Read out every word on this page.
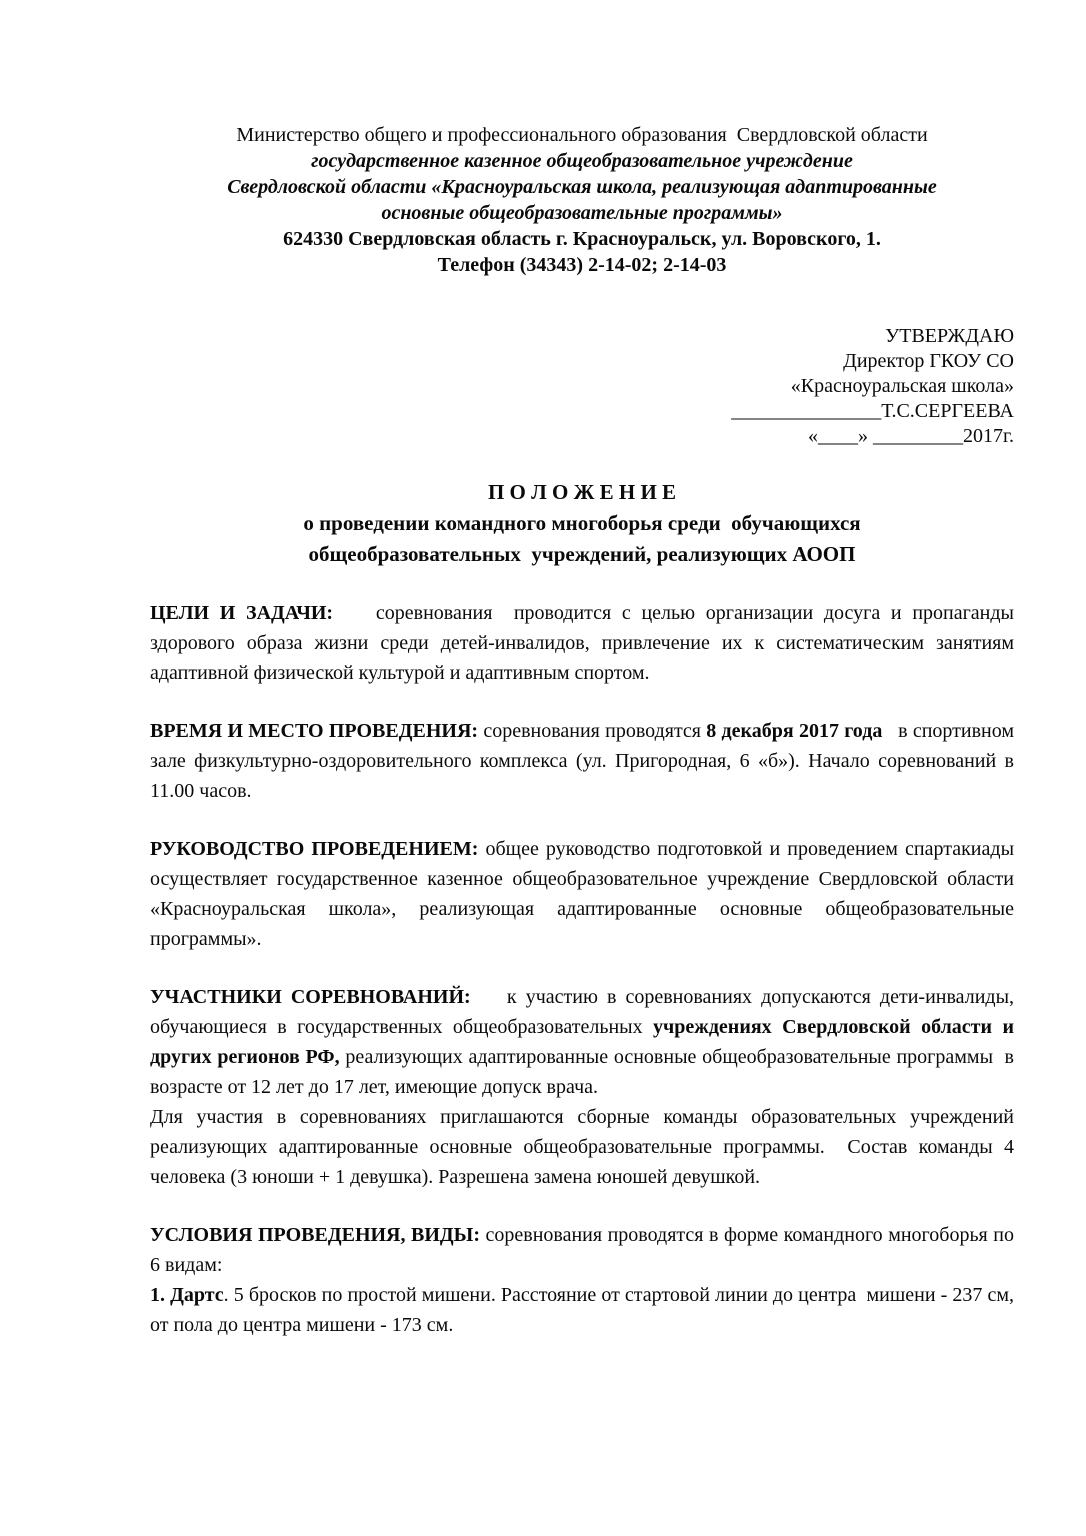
Министерство общего и профессионального образования  Свердловской области
государственное казенное общеобразовательное учреждение
Свердловской области «Красноуральская школа, реализующая адаптированные
основные общеобразовательные программы»
624330 Свердловская область г. Красноуральск, ул. Воровского, 1.
Телефон (34343) 2-14-02; 2-14-03
УТВЕРЖДАЮ
Директор ГКОУ СО
«Красноуральская школа»
_______________Т.С.СЕРГЕЕВА
«____» _________2017г.
П О Л О Ж Е Н И Е
о проведении командного многоборья среди  обучающихся
общеобразовательных  учреждений, реализующих АООП

ЦЕЛИ И ЗАДАЧИ:    соревнования  проводится с целью организации досуга и пропаганды здорового образа жизни среди детей-инвалидов, привлечение их к систематическим занятиям адаптивной физической культурой и адаптивным спортом.

ВРЕМЯ И МЕСТО ПРОВЕДЕНИЯ: соревнования проводятся 8 декабря 2017 года   в спортивном зале физкультурно-оздоровительного комплекса (ул. Пригородная, 6 «б»). Начало соревнований в 11.00 часов.

РУКОВОДСТВО ПРОВЕДЕНИЕМ: общее руководство подготовкой и проведением спартакиады осуществляет государственное казенное общеобразовательное учреждение Свердловской области «Красноуральская школа», реализующая адаптированные основные общеобразовательные программы».

УЧАСТНИКИ СОРЕВНОВАНИЙ:    к участию в соревнованиях допускаются дети-инвалиды, обучающиеся в государственных общеобразовательных учреждениях Свердловской области и других регионов РФ, реализующих адаптированные основные общеобразовательные программы  в возрасте от 12 лет до 17 лет, имеющие допуск врача.

Для участия в соревнованиях приглашаются сборные команды образовательных учреждений реализующих адаптированные основные общеобразовательные программы.  Состав команды 4 человека (3 юноши + 1 девушка). Разрешена замена юношей девушкой.

УСЛОВИЯ ПРОВЕДЕНИЯ, ВИДЫ: соревнования проводятся в форме командного многоборья по 6 видам:

1. Дартс. 5 бросков по простой мишени. Расстояние от стартовой линии до центра  мишени - 237 см, от пола до центра мишени - 173 см.
